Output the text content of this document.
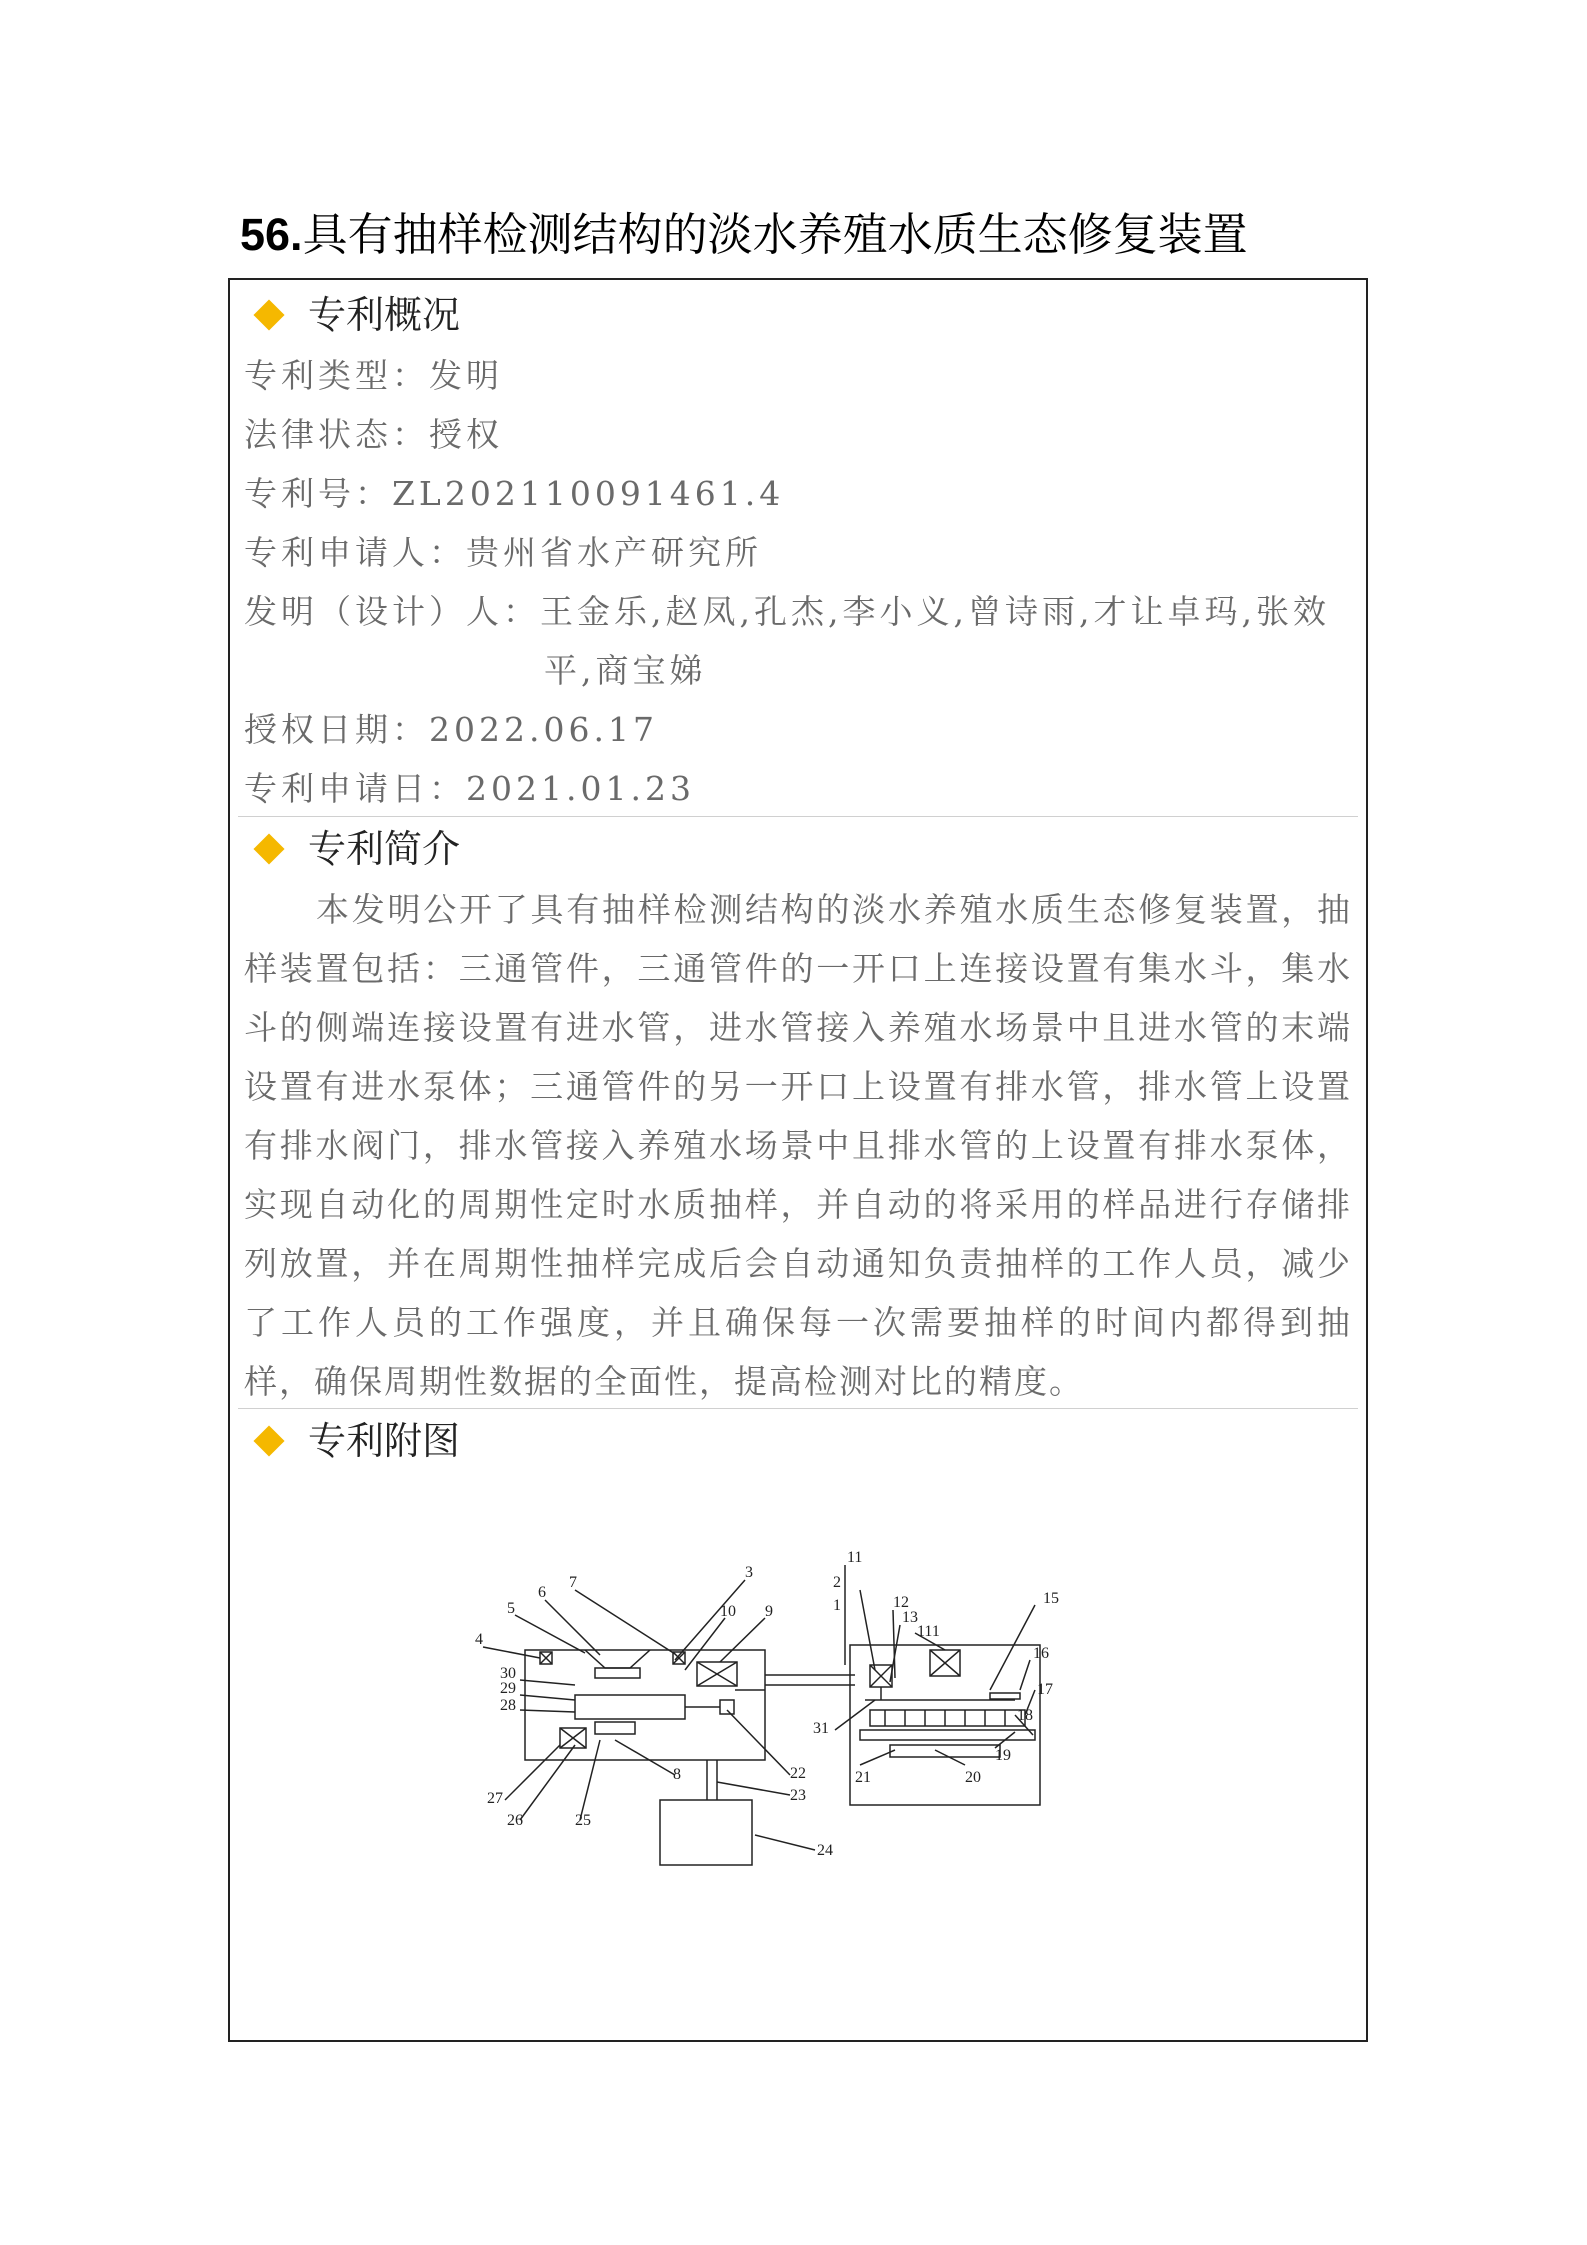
56.具有抽样检测结构的淡水养殖水质生态修复装置
专利概况
专利类型：发明
法律状态：授权
专利号：ZL202110091461.4
专利申请人：贵州省水产研究所
发明（设计）人：王金乐,赵凤,孔杰,李小义,曾诗雨,才让卓玛,张效
平,商宝娣
授权日期：2022.06.17
专利申请日：2021.01.23
专利简介
本发明公开了具有抽样检测结构的淡水养殖水质生态修复装置，抽样装置包括：三通管件，三通管件的一开口上连接设置有集水斗，集水斗的侧端连接设置有进水管，进水管接入养殖水场景中且进水管的末端设置有进水泵体；三通管件的另一开口上设置有排水管，排水管上设置有排水阀门，排水管接入养殖水场景中且排水管的上设置有排水泵体，实现自动化的周期性定时水质抽样，并自动的将采用的样品进行存储排列放置，并在周期性抽样完成后会自动通知负责抽样的工作人员，减少了工作人员的工作强度，并且确保每一次需要抽样的时间内都得到抽样，确保周期性数据的全面性，提高检测对比的精度。
专利附图
1
2
3
4
5
6
7
8
9
10
11
111
12
13
15
16
17
18
19
20
21
22
23
24
25
26
27
28
29
30
31
